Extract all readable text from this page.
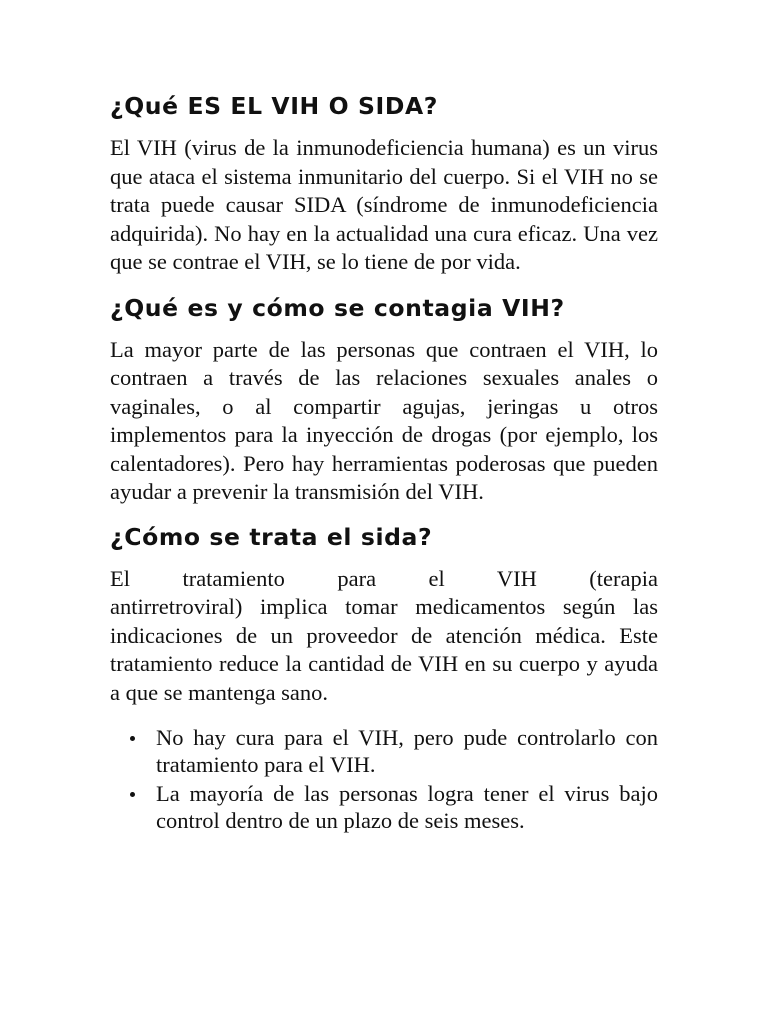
¿Qué ES EL VIH O SIDA?

El VIH (virus de la inmunodeficiencia humana) es un virus que ataca el sistema inmunitario del cuerpo. Si el VIH no se trata puede causar SIDA (síndrome de inmunodeficiencia adquirida). No hay en la actualidad una cura eficaz. Una vez que se contrae el VIH, se lo tiene de por vida.

¿Qué es y cómo se contagia VIH?

La mayor parte de las personas que contraen el VIH, lo contraen a través de las relaciones sexuales anales o vaginales, o al compartir agujas, jeringas u otros implementos para la inyección de drogas (por ejemplo, los calentadores). Pero hay herramientas poderosas que pueden ayudar a prevenir la transmisión del VIH.

¿Cómo se trata el sida?

El tratamiento para el VIH (terapia
antirretroviral) implica tomar medicamentos según las indicaciones de un proveedor de atención médica. Este tratamiento reduce la cantidad de VIH en su cuerpo y ayuda a que se mantenga sano.

No hay cura para el VIH, pero pude controlarlo con tratamiento para el VIH.
La mayoría de las personas logra tener el virus bajo control dentro de un plazo de seis meses.
